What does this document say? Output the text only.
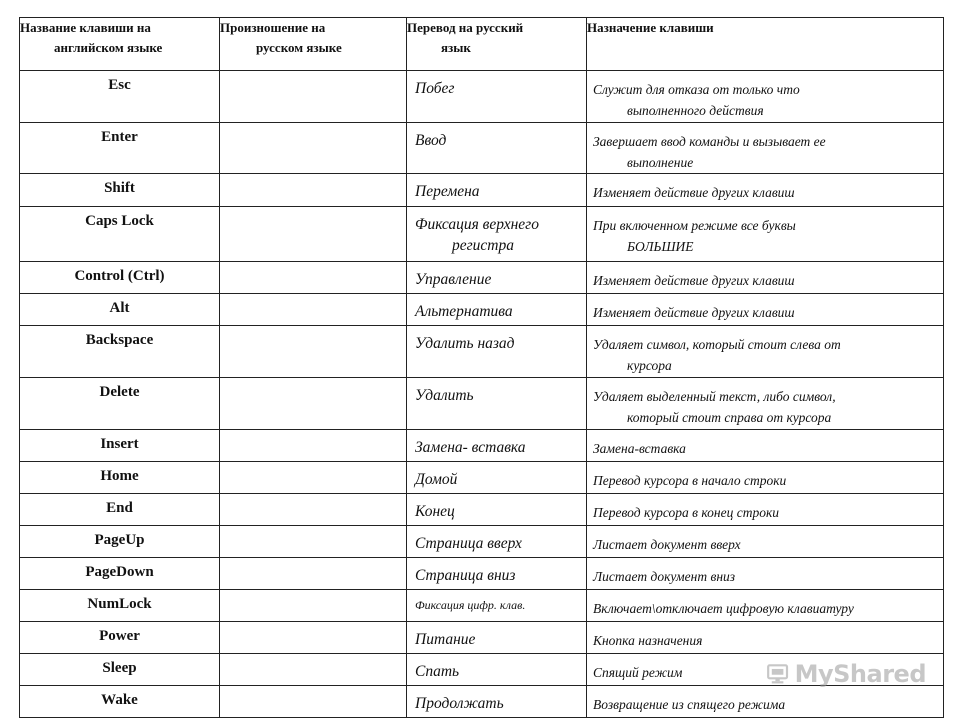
Название клавиши на
английском языке	Произношение на
русском языке	Перевод на русский
язык	Назначение клавиши
Esc		Побег	Служит для отказа от только что
выполненного действия

Enter		Ввод	Завершает ввод команды и вызывает ее
выполнение

Shift		Перемена	Изменяет действие других клавиш
Caps Lock		Фиксация верхнего
регистра	При включенном режиме все буквы
БОЛЬШИЕ

Control (Ctrl)		Управление	Изменяет действие других клавиш
Alt		Альтернатива	Изменяет действие других клавиш
Backspace		Удалить назад	Удаляет символ, который стоит слева от
курсора

Delete		Удалить	Удаляет выделенный текст, либо символ,
который стоит справа от курсора

Insert		Замена- вставка	Замена-вставка
Home		Домой	Перевод курсора в начало строки
End		Конец	Перевод курсора в конец строки
PageUp		Страница вверх	Листает документ вверх
PageDown		Страница вниз	Листает документ вниз
NumLock		Фиксация цифр. клав.	Включает\отключает цифровую клавиатуру
Power		Питание	Кнопка назначения
Sleep		Спать	Спящий режим
Wake		Продолжать	Возвращение из спящего режима
MyShared
